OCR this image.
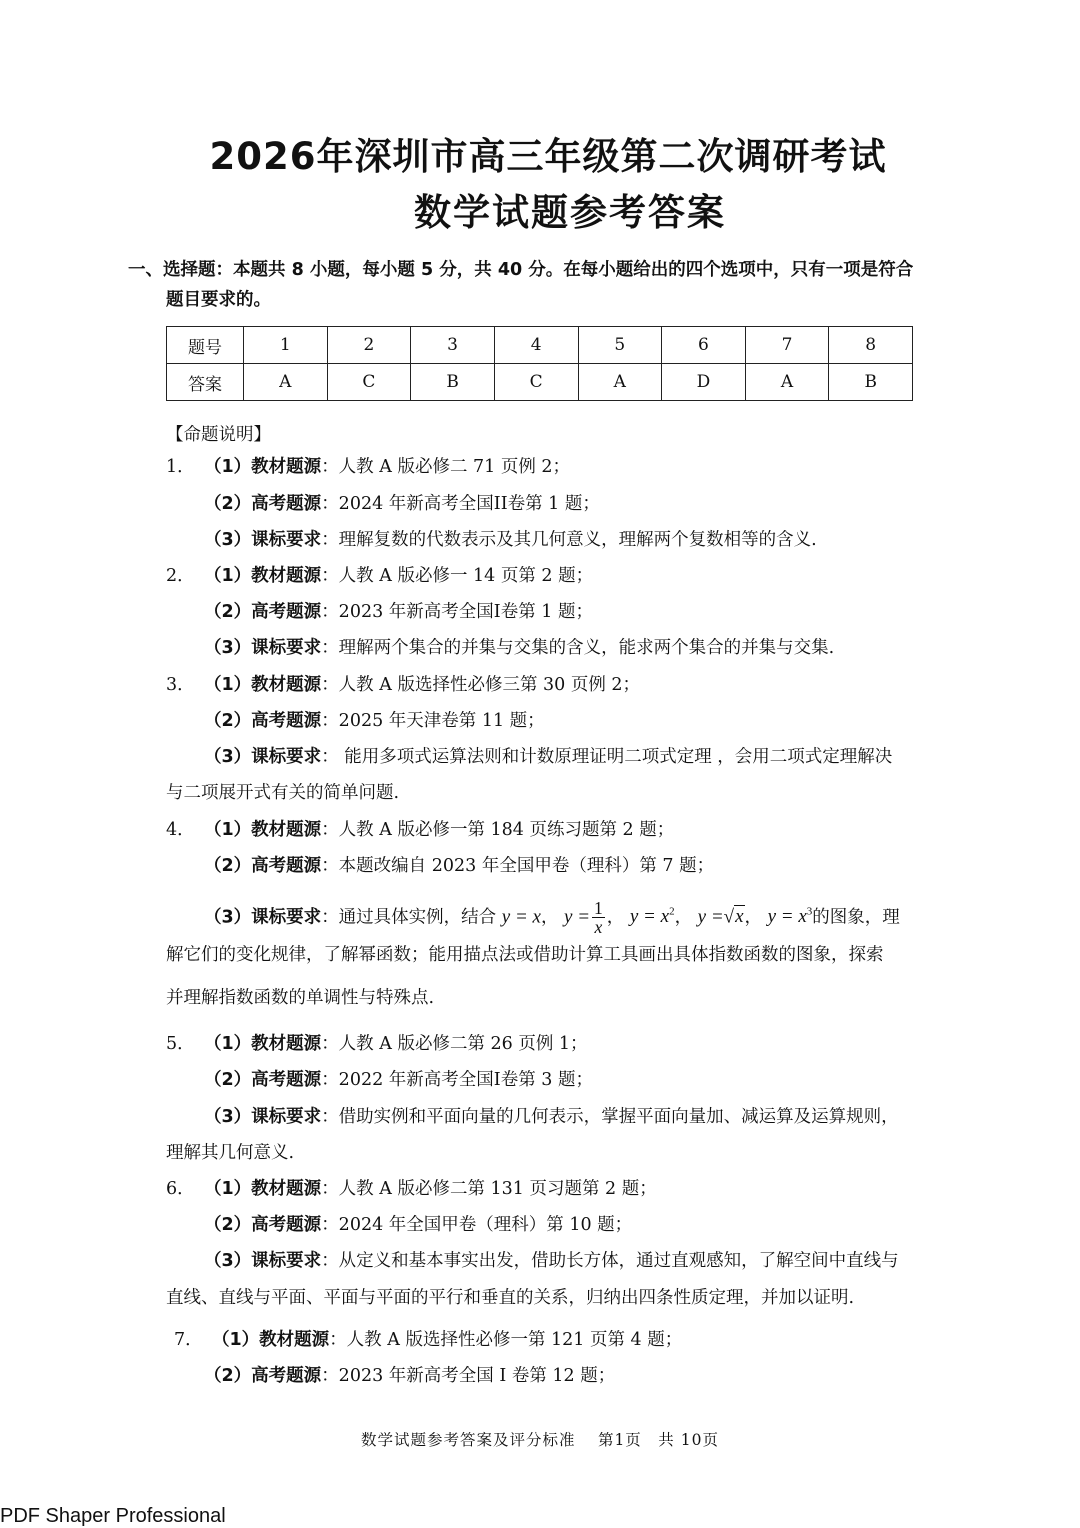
2026年深圳市高三年级第二次调研考试
数学试题参考答案
一、选择题：本题共 8 小题，每小题 5 分，共 40 分。在每小题给出的四个选项中，只有一项是符合
题目要求的。
题号	1	2	3	4	5	6	7	8
答案	A	C	B	C	A	D	A	B
【命题说明】
1． （1）教材题源：人教 A 版必修二 71 页例 2；
（2）高考题源：2024 年新高考全国II卷第 1 题；
（3）课标要求：理解复数的代数表示及其几何意义，理解两个复数相等的含义.
2． （1）教材题源：人教 A 版必修一 14 页第 2 题；
（2）高考题源：2023 年新高考全国I卷第 1 题；
（3）课标要求：理解两个集合的并集与交集的含义，能求两个集合的并集与交集.
3． （1）教材题源：人教 A 版选择性必修三第 30 页例 2；
（2）高考题源：2025 年天津卷第 11 题；
（3）课标要求： 能用多项式运算法则和计数原理证明二项式定理 ，会用二项式定理解决
与二项展开式有关的简单问题.
4． （1）教材题源：人教 A 版必修一第 184 页练习题第 2 题；
（2）高考题源：本题改编自 2023 年全国甲卷（理科）第 7 题；
（3）课标要求：通过具体实例，结合 y = x， $y = \frac{1}{x}$ ， $y = x^2$， y =√x， $y = x^3$的图象，理
解它们的变化规律，了解幂函数；能用描点法或借助计算工具画出具体指数函数的图象，探索
并理解指数函数的单调性与特殊点.
5． （1）教材题源：人教 A 版必修二第 26 页例 1；
（2）高考题源：2022 年新高考全国I卷第 3 题；
（3）课标要求：借助实例和平面向量的几何表示，掌握平面向量加、减运算及运算规则，
理解其几何意义.
6． （1）教材题源：人教 A 版必修二第 131 页习题第 2 题；
（2）高考题源：2024 年全国甲卷（理科）第 10 题；
（3）课标要求：从定义和基本事实出发，借助长方体，通过直观感知，了解空间中直线与
直线、直线与平面、平面与平面的平行和垂直的关系，归纳出四条性质定理，并加以证明.
7． （1）教材题源：人教 A 版选择性必修一第 121 页第 4 题；
（2）高考题源：2023 年新高考全国 I 卷第 12 题；
数学试题参考答案及评分标准　 第1页　共 10页
PDF Shaper Professional
